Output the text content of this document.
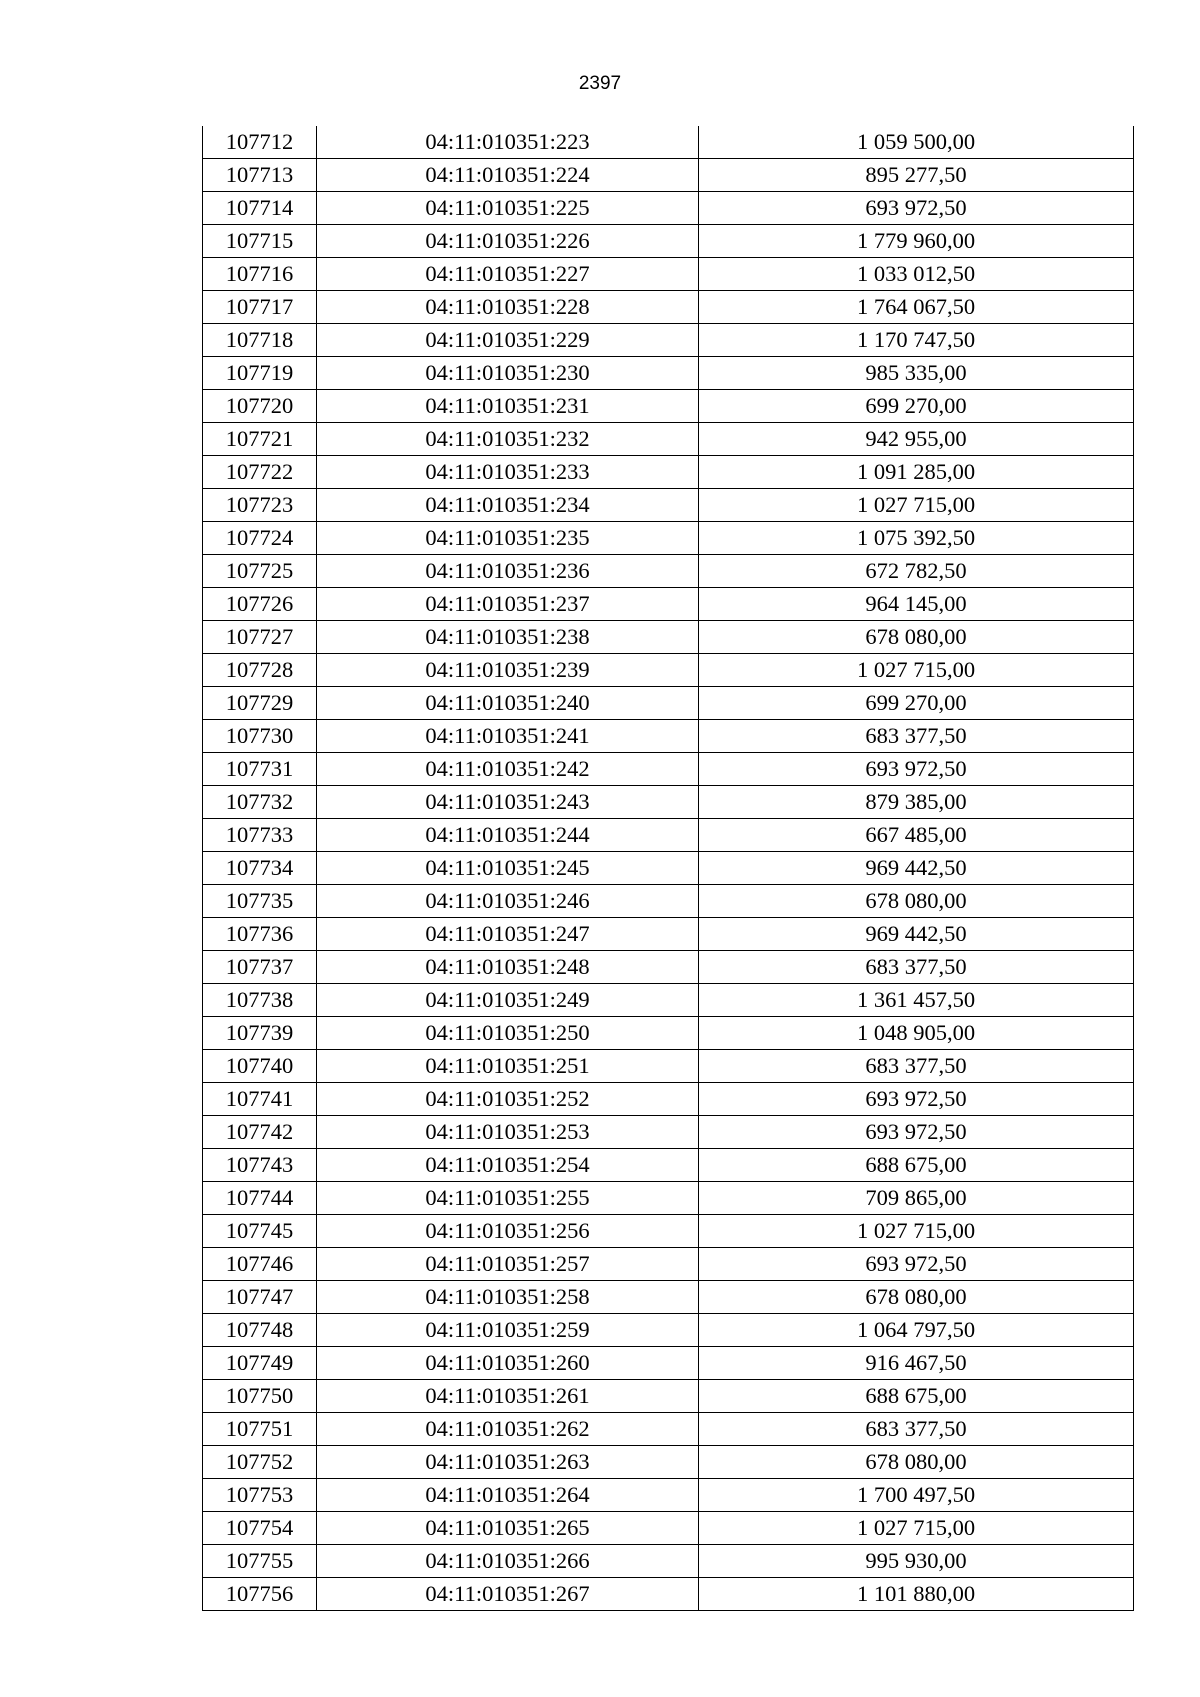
2397
107712	04:11:010351:223	1 059 500,00
107713	04:11:010351:224	895 277,50
107714	04:11:010351:225	693 972,50
107715	04:11:010351:226	1 779 960,00
107716	04:11:010351:227	1 033 012,50
107717	04:11:010351:228	1 764 067,50
107718	04:11:010351:229	1 170 747,50
107719	04:11:010351:230	985 335,00
107720	04:11:010351:231	699 270,00
107721	04:11:010351:232	942 955,00
107722	04:11:010351:233	1 091 285,00
107723	04:11:010351:234	1 027 715,00
107724	04:11:010351:235	1 075 392,50
107725	04:11:010351:236	672 782,50
107726	04:11:010351:237	964 145,00
107727	04:11:010351:238	678 080,00
107728	04:11:010351:239	1 027 715,00
107729	04:11:010351:240	699 270,00
107730	04:11:010351:241	683 377,50
107731	04:11:010351:242	693 972,50
107732	04:11:010351:243	879 385,00
107733	04:11:010351:244	667 485,00
107734	04:11:010351:245	969 442,50
107735	04:11:010351:246	678 080,00
107736	04:11:010351:247	969 442,50
107737	04:11:010351:248	683 377,50
107738	04:11:010351:249	1 361 457,50
107739	04:11:010351:250	1 048 905,00
107740	04:11:010351:251	683 377,50
107741	04:11:010351:252	693 972,50
107742	04:11:010351:253	693 972,50
107743	04:11:010351:254	688 675,00
107744	04:11:010351:255	709 865,00
107745	04:11:010351:256	1 027 715,00
107746	04:11:010351:257	693 972,50
107747	04:11:010351:258	678 080,00
107748	04:11:010351:259	1 064 797,50
107749	04:11:010351:260	916 467,50
107750	04:11:010351:261	688 675,00
107751	04:11:010351:262	683 377,50
107752	04:11:010351:263	678 080,00
107753	04:11:010351:264	1 700 497,50
107754	04:11:010351:265	1 027 715,00
107755	04:11:010351:266	995 930,00
107756	04:11:010351:267	1 101 880,00
